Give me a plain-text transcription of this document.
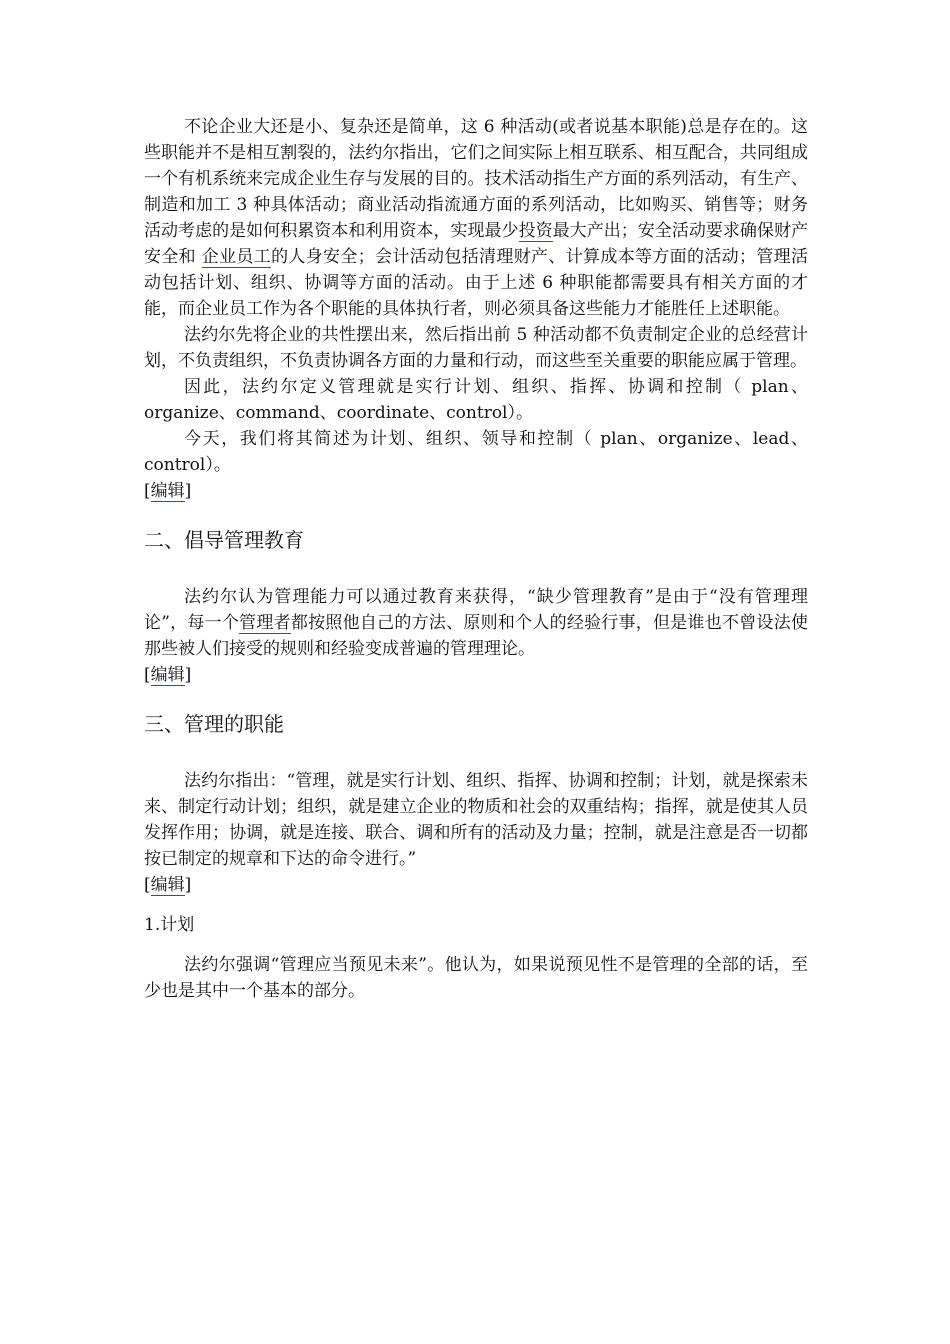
不论企业大还是小、复杂还是简单，这 6 种活动(或者说基本职能)总是存在的。这些职能并不是相互割裂的，法约尔指出，它们之间实际上相互联系、相互配合，共同组成一个有机系统来完成企业生存与发展的目的。技术活动指生产方面的系列活动，有生产、制造和加工 3 种具体活动；商业活动指流通方面的系列活动，比如购买、销售等；财务活动考虑的是如何积累资本和利用资本，实现最少投资最大产出；安全活动要求确保财产安全和 企业员工的人身安全；会计活动包括清理财产、计算成本等方面的活动；管理活动包括计划、组织、协调等方面的活动。由于上述 6 种职能都需要具有相关方面的才能，而企业员工作为各个职能的具体执行者，则必须具备这些能力才能胜任上述职能。

法约尔先将企业的共性摆出来，然后指出前 5 种活动都不负责制定企业的总经营计划，不负责组织，不负责协调各方面的力量和行动，而这些至关重要的职能应属于管理。

因此，法约尔定义管理就是实行计划、组织、指挥、协调和控制（ plan、organize、command、coordinate、control）。

今天，我们将其简述为计划、组织、领导和控制（ plan、organize、lead、control）。

[编辑]
二、倡导管理教育

法约尔认为管理能力可以通过教育来获得，“缺少管理教育”是由于“没有管理理论”，每一个管理者都按照他自己的方法、原则和个人的经验行事，但是谁也不曾设法使那些被人们接受的规则和经验变成普遍的管理理论。

[编辑]
三、管理的职能

法约尔指出：“管理，就是实行计划、组织、指挥、协调和控制；计划，就是探索未来、制定行动计划；组织，就是建立企业的物质和社会的双重结构；指挥，就是使其人员发挥作用；协调，就是连接、联合、调和所有的活动及力量；控制，就是注意是否一切都按已制定的规章和下达的命令进行。”

[编辑]
1.计划

法约尔强调“管理应当预见未来”。他认为，如果说预见性不是管理的全部的话，至少也是其中一个基本的部分。
